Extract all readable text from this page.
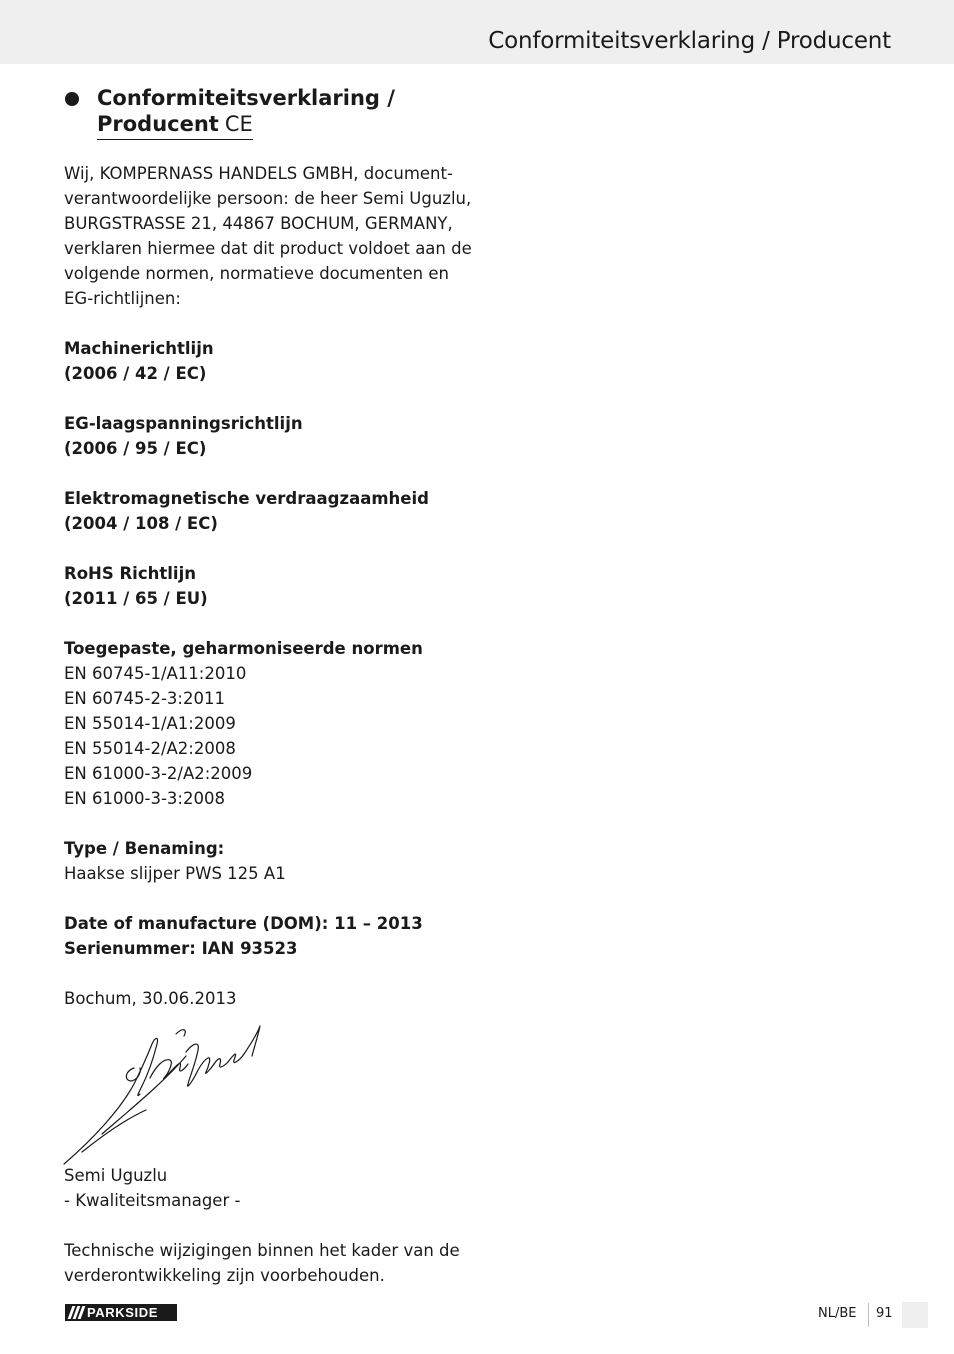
Conformiteitsverklaring / Producent
Conformiteitsverklaring /
Producent CE

Wij, KOMPERNASS HANDELS GMBH, document-
verantwoordelijke persoon: de heer Semi Uguzlu,
BURGSTRASSE 21, 44867 BOCHUM, GERMANY,
verklaren hiermee dat dit product voldoet aan de
volgende normen, normatieve documenten en
EG-richtlijnen:

Machinerichtlijn
(2006 / 42 / EC)

EG-laagspanningsrichtlijn
(2006 / 95 / EC)

Elektromagnetische verdraagzaamheid
(2004 / 108 / EC)

RoHS Richtlijn
(2011 / 65 / EU)

Toegepaste, geharmoniseerde normen
EN 60745-1/A11:2010
EN 60745-2-3:2011
EN 55014-1/A1:2009
EN 55014-2/A2:2008
EN 61000-3-2/A2:2009
EN 61000-3-3:2008

Type / Benaming:
Haakse slijper PWS 125 A1

Date of manufacture (DOM): 11 – 2013
Serienummer: IAN 93523

Bochum, 30.06.2013

Semi Uguzlu
- Kwaliteitsmanager -
Technische wijzigingen binnen het kader van de
verderontwikkeling zijn voorbehouden.
PARKSIDE	NL/BE 91
